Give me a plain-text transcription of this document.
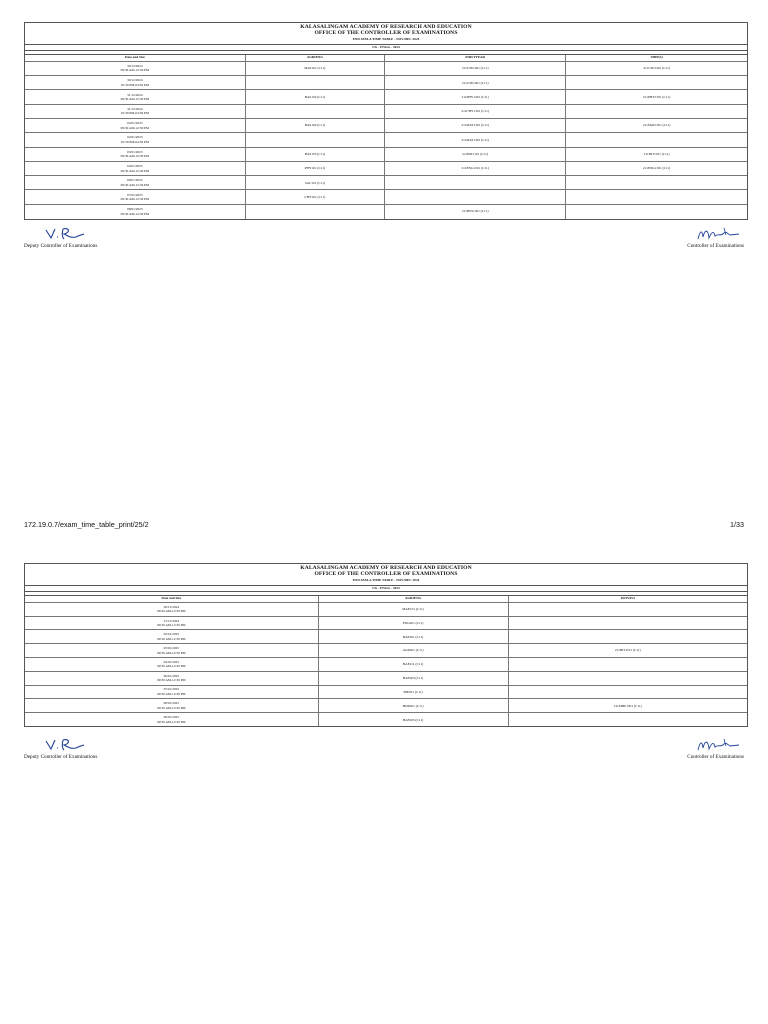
KALASALINGAM ACADEMY OF RESEARCH AND EDUCATION
OFFICE OF THE CONTROLLER OF EXAMINATIONS
END SEM-A TIME TABLE - NOV/DEC 2024
UG - ENGG - 2024
Date and Slot	AGRIENG	FIRSTYEAR	SHIP(S)
30/12/2024
09:30 AM-12:30 PM	MAT101 (C11)	211CSE1401 (C11)	211CSE1401 (C11)
30/12/2024
01:30 PM-04:30 PM		211CSE1401 (C11)	
31/12/2024
09:30 AM-12:30 PM	BAS102 (C11)	211PHY1301 (C11)	211PHY1301 (C11)
31/12/2024
01:30 PM-04:30 PM		211CHY1301 (C11)	
02/01/2025
09:30 AM-12:30 PM	BAS104 (C11)	211MAT1301 (C11)	211MAT1301 (C11)
02/01/2025
01:30 PM-04:30 PM		211MAT1301 (C11)	
03/01/2025
09:30 AM-12:30 PM	BAS105 (C11)	211BIT1101 (C11)	211BIT1101 (C11)
04/01/2025
09:30 AM-12:30 PM	PHY101 (C11)	211ENG1301 (C11)	211ENG1301 (C11)
06/01/2025
09:30 AM-12:30 PM	SAC101 (C11)		
07/01/2025
09:30 AM-12:30 PM	CHY101 (C11)		
08/01/2025
09:30 AM-12:30 PM		211HSS1301 (C11)	
Deputy Controller of Examinations	Controller of Examinations
172.19.0.7/exam_time_table_print/25/2	1/33
KALASALINGAM ACADEMY OF RESEARCH AND EDUCATION
OFFICE OF THE CONTROLLER OF EXAMINATIONS
END SEM-A TIME TABLE - NOV/DEC 2024
UG - ENGG - 2023
Date and Slot	AGRIENG	INOVAVI
30/12/2024
09:30 AM-12:30 PM	MAE101 (C11)	
31/12/2024
09:30 AM-12:30 PM	ENG201 (C11)	
02/01/2025
09:30 AM-12:30 PM	BAE201 (C11)	
03/01/2025
09:30 AM-12:30 PM	AGR201 (C11)	211BIT1101 (C11)
04/01/2025
09:30 AM-12:30 PM	BAE211 (C11)	
06/01/2025
09:30 AM-12:30 PM	BAE203 (C11)	
07/01/2025
09:30 AM-12:30 PM	BIE201 (C11)	
08/01/2025
09:30 AM-12:30 PM	HOR201 (C11)	211MHE1301 (C11)
09/01/2025
09:30 AM-12:30 PM	BAE205 (C11)	
Deputy Controller of Examinations	Controller of Examinations
